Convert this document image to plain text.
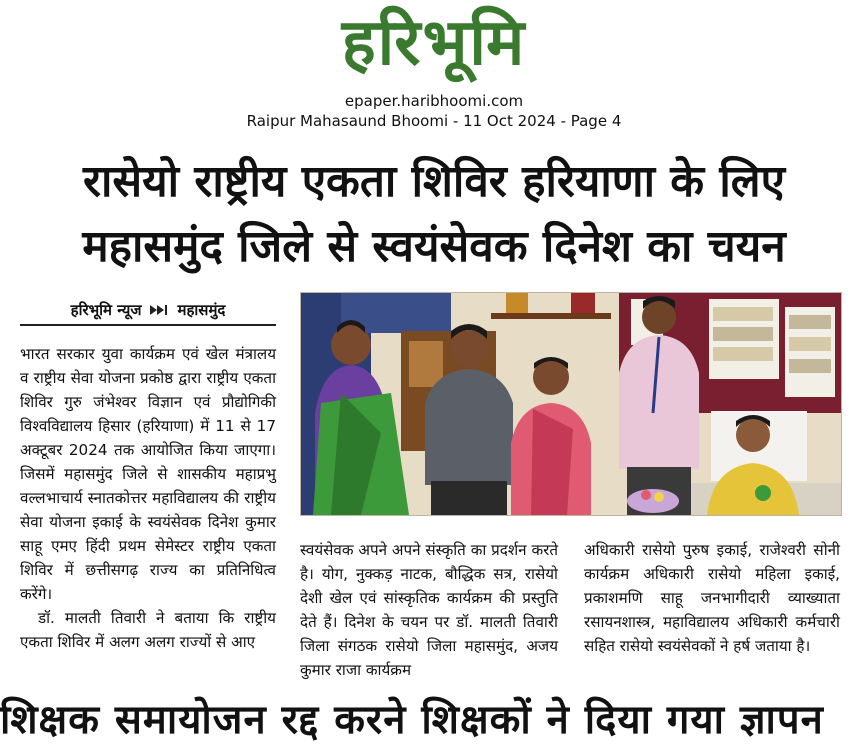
हरिभूमि
epaper.haribhoomi.com
Raipur Mahasaund Bhoomi - 11 Oct 2024 - Page 4
रासेयो राष्ट्रीय एकता शिविर हरियाणा के लिए
महासमुंद जिले से स्वयंसेवक दिनेश का चयन
हरिभूमि न्यूज महासमुंद

भारत सरकार युवा कार्यक्रम एवं खेल मंत्रालय व राष्ट्रीय सेवा योजना प्रकोष्ठ द्वारा राष्ट्रीय एकता शिविर गुरु जंभेश्वर विज्ञान एवं प्रौद्योगिकी विश्वविद्यालय हिसार (हरियाणा) में 11 से 17 अक्टूबर 2024 तक आयोजित किया जाएगा। जिसमें महासमुंद जिले से शासकीय महाप्रभु वल्लभाचार्य स्नातकोत्तर महाविद्यालय की राष्ट्रीय सेवा योजना इकाई के स्वयंसेवक दिनेश कुमार साहू एमए हिंदी प्रथम सेमेस्टर राष्ट्रीय एकता शिविर में छत्तीसगढ़ राज्य का प्रतिनिधित्व करेंगे।

डॉ. मालती तिवारी ने बताया कि राष्ट्रीय एकता शिविर में अलग अलग राज्यों से आए

स्वयंसेवक अपने अपने संस्कृति का प्रदर्शन करते है। योग, नुक्कड़ नाटक, बौद्धिक सत्र, रासेयो देशी खेल एवं सांस्कृतिक कार्यक्रम की प्रस्तुति देते हैं। दिनेश के चयन पर डॉ. मालती तिवारी जिला संगठक रासेयो जिला महासमुंद, अजय कुमार राजा कार्यक्रम

अधिकारी रासेयो पुरुष इकाई, राजेश्वरी सोनी कार्यक्रम अधिकारी रासेयो महिला इकाई, प्रकाशमणि साहू जनभागीदारी व्याख्याता रसायनशास्त्र, महाविद्यालय अधिकारी कर्मचारी सहित रासेयो स्वयंसेवकों ने हर्ष जताया है।

शिक्षक समायोजन रद्द करने शिक्षकों ने दिया गया ज्ञापन
